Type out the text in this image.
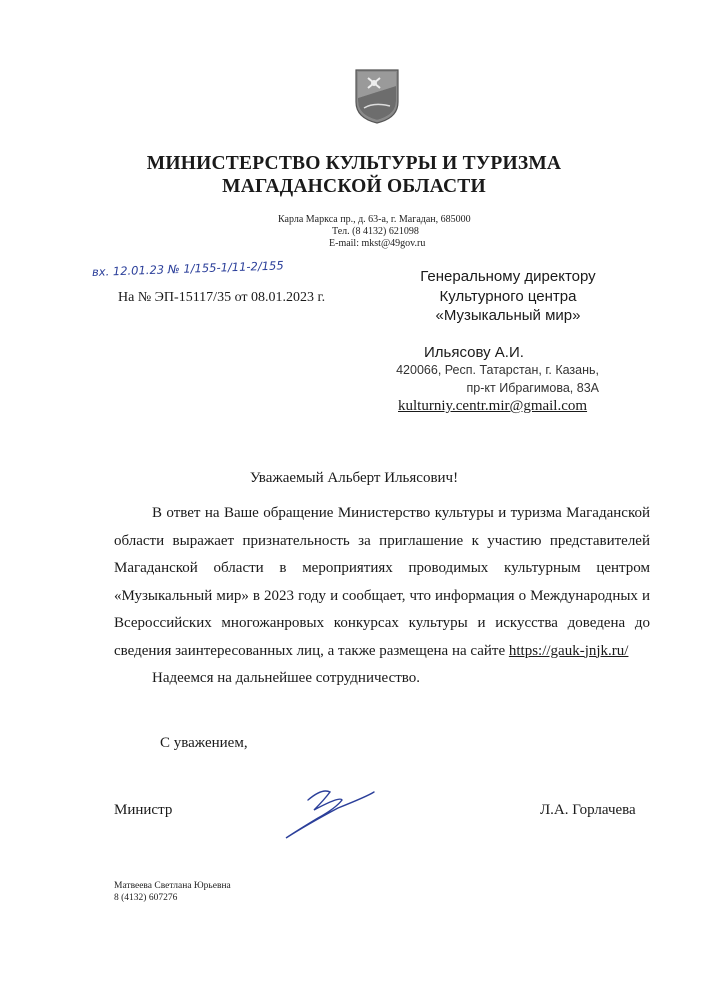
МИНИСТЕРСТВО КУЛЬТУРЫ И ТУРИЗМА
МАГАДАНСКОЙ ОБЛАСТИ
Карла Маркса пр., д. 63-а, г. Магадан, 685000
Тел. (8 4132) 621098
E-mail: mkst@49gov.ru
вх. 12.01.23 № 1/155-1/11-2/155
На № ЭП-15117/35 от 08.01.2023 г.
Генеральному директору
Культурного центра
«Музыкальный мир»
Ильясову А.И.
420066, Респ. Татарстан, г. Казань,
пр-кт Ибрагимова, 83А
kulturniy.centr.mir@gmail.com
Уважаемый Альберт Ильясович!

В ответ на Ваше обращение Министерство культуры и туризма Магаданской области выражает признательность за приглашение к участию представителей Магаданской области в мероприятиях проводимых культурным центром «Музыкальный мир» в 2023 году и сообщает, что информация о Международных и Всероссийских многожанровых конкурсах культуры и искусства доведена до сведения заинтересованных лиц, а также размещена на сайте https://gauk-jnjk.ru/

Надеемся на дальнейшее сотрудничество.

С уважением,
Министр	Л.А. Горлачева
Матвеева Светлана Юрьевна
8 (4132) 607276
